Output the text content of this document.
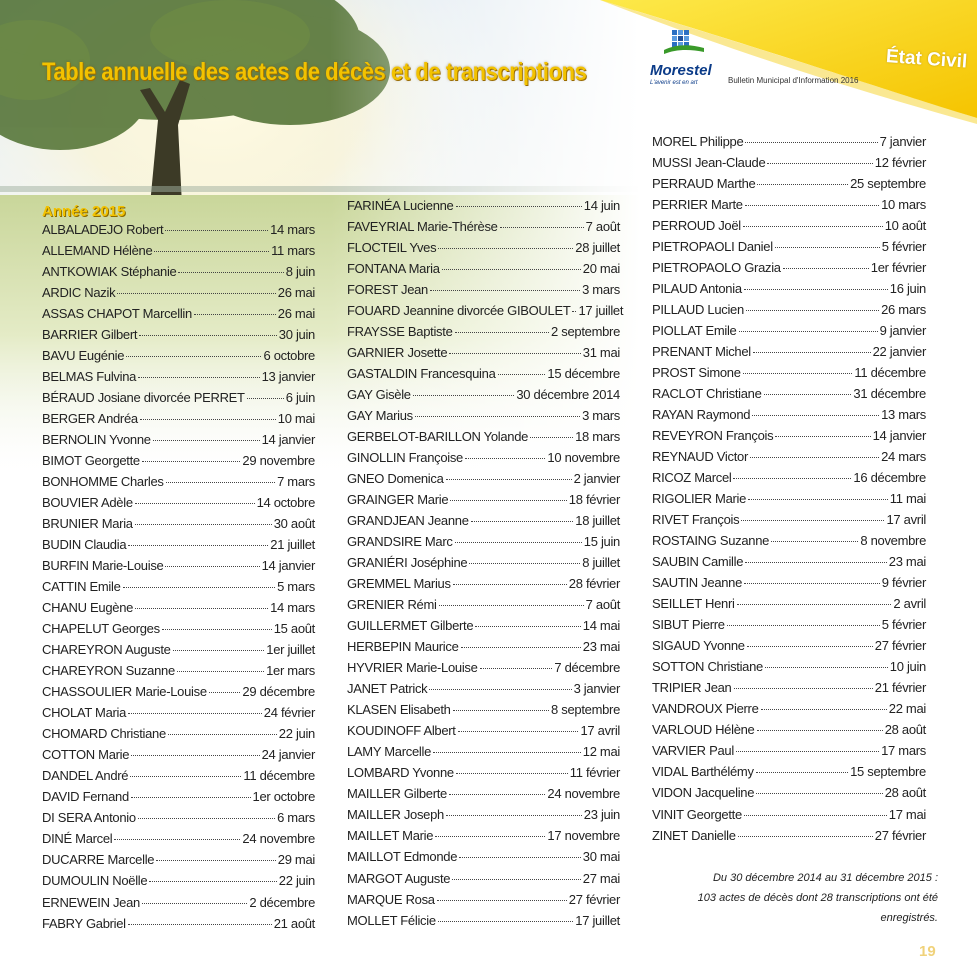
Table annuelle des actes de décès et de transcriptions	Morestel
L'avenir est en art	Bulletin Municipal d'Information 2016
État Civil
Année 2015
ALBALADEJO Robert	14 mars
ALLEMAND Hélène	11 mars
ANTKOWIAK Stéphanie	8 juin
ARDIC Nazik	26 mai
ASSAS CHAPOT Marcellin	26 mai
BARRIER Gilbert	30 juin
BAVU Eugénie	6 octobre
BELMAS Fulvina	13 janvier
BÉRAUD Josiane divorcée PERRET	6 juin
BERGER Andréa	10 mai
BERNOLIN Yvonne	14 janvier
BIMOT Georgette	29 novembre
BONHOMME Charles	7 mars
BOUVIER Adèle	14 octobre
BRUNIER Maria	30 août
BUDIN Claudia	21 juillet
BURFIN Marie-Louise	14 janvier
CATTIN Emile	5 mars
CHANU Eugène	14 mars
CHAPELUT Georges	15 août
CHAREYRON Auguste	1er juillet
CHAREYRON Suzanne	1er mars
CHASSOULIER Marie-Louise	29 décembre
CHOLAT Maria	24 février
CHOMARD Christiane	22 juin
COTTON Marie	24 janvier
DANDEL André	11 décembre
DAVID Fernand	1er octobre
DI SERA Antonio	6 mars
DINÉ Marcel	24 novembre
DUCARRE Marcelle	29 mai
DUMOULIN Noëlle	22 juin
ERNEWEIN Jean	2 décembre
FABRY Gabriel	21 août
FARINÉA Lucienne	14 juin
FAVEYRIAL Marie-Thérèse	7 août
FLOCTEIL Yves	28 juillet
FONTANA Maria	20 mai
FOREST Jean	3 mars
FOUARD Jeannine divorcée GIBOULET 17 juillet
FRAYSSE Baptiste	2 septembre
GARNIER Josette	31 mai
GASTALDIN Francesquina	15 décembre
GAY Gisèle	30 décembre 2014
GAY Marius	3 mars
GERBELOT-BARILLON Yolande	18 mars
GINOLLIN Françoise	10 novembre
GNEO Domenica	2 janvier
GRAINGER Marie	18 février
GRANDJEAN Jeanne	18 juillet
GRANDSIRE Marc	15 juin
GRANIÉRI Joséphine	8 juillet
GREMMEL Marius	28 février
GRENIER Rémi	7 août
GUILLERMET Gilberte	14 mai
HERBEPIN Maurice	23 mai
HYVRIER Marie-Louise	7 décembre
JANET Patrick	3 janvier
KLASEN Elisabeth	8 septembre
KOUDINOFF Albert	17 avril
LAMY Marcelle	12 mai
LOMBARD Yvonne	11 février
MAILLER Gilberte	24 novembre
MAILLER Joseph	23 juin
MAILLET Marie	17 novembre
MAILLOT Edmonde	30 mai
MARGOT Auguste	27 mai
MARQUE Rosa	27 février
MOLLET Félicie	17 juillet
MOREL Philippe	7 janvier
MUSSI Jean-Claude	12 février
PERRAUD Marthe	25 septembre
PERRIER Marte	10 mars
PERROUD Joël	10 août
PIETROPAOLI Daniel	5 février
PIETROPAOLO Grazia	1er février
PILAUD Antonia	16 juin
PILLAUD Lucien	26 mars
PIOLLAT Emile	9 janvier
PRENANT Michel	22 janvier
PROST Simone	11 décembre
RACLOT Christiane	31 décembre
RAYAN Raymond	13 mars
REVEYRON François	14 janvier
REYNAUD Victor	24 mars
RICOZ Marcel	16 décembre
RIGOLIER Marie	11 mai
RIVET François	17 avril
ROSTAING Suzanne	8 novembre
SAUBIN Camille	23 mai
SAUTIN Jeanne	9 février
SEILLET Henri	2 avril
SIBUT Pierre	5 février
SIGAUD Yvonne	27 février
SOTTON Christiane	10 juin
TRIPIER Jean	21 février
VANDROUX Pierre	22 mai
VARLOUD Hélène	28 août
VARVIER Paul	17 mars
VIDAL Barthélémy	15 septembre
VIDON Jacqueline	28 août
VINIT Georgette	17 mai
ZINET Danielle	27 février
Du 30 décembre 2014 au 31 décembre 2015 :
103 actes de décès dont 28 transcriptions ont été enregistrés.
19
